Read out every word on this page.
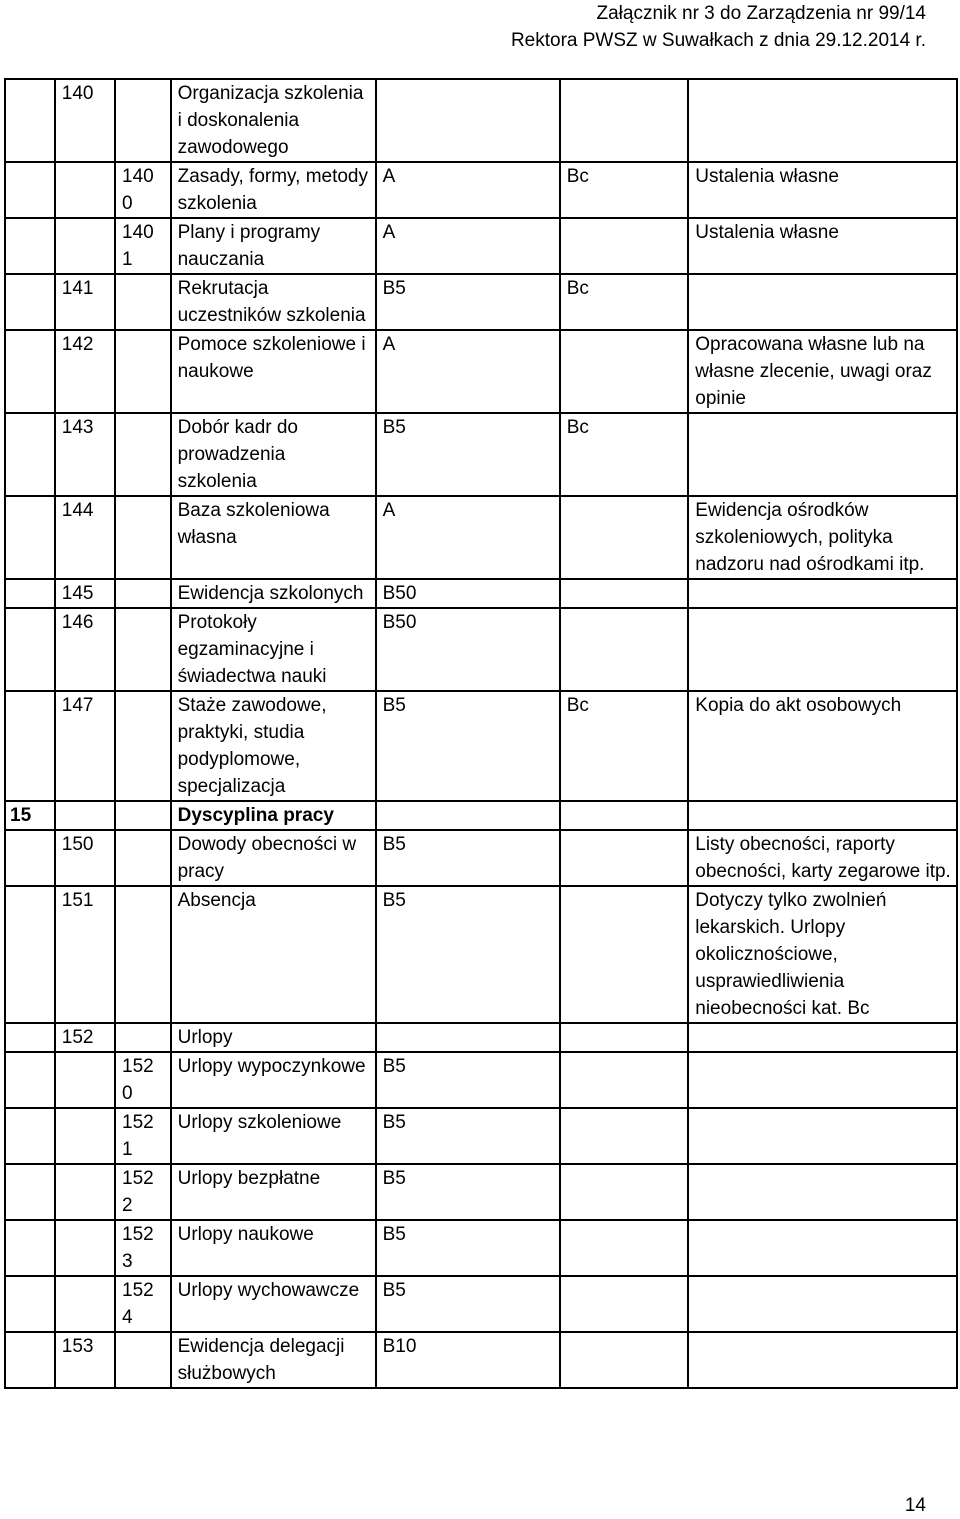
Załącznik nr 3 do Zarządzenia nr 99/14
Rektora PWSZ w Suwałkach z dnia 29.12.2014 r.
	140		Organizacja szkolenia i doskonalenia zawodowego			
		1400	Zasady, formy, metody szkolenia	A	Bc	Ustalenia własne
		1401	Plany i programy nauczania	A		Ustalenia własne
	141		Rekrutacja uczestników szkolenia	B5	Bc	
	142		Pomoce szkoleniowe i naukowe	A		Opracowana własne lub na własne zlecenie, uwagi oraz opinie
	143		Dobór kadr do prowadzenia szkolenia	B5	Bc	
	144		Baza szkoleniowa własna	A		Ewidencja ośrodków szkoleniowych, polityka nadzoru nad ośrodkami itp.
	145		Ewidencja szkolonych	B50		
	146		Protokoły egzaminacyjne i świadectwa nauki	B50		
	147		Staże zawodowe, praktyki, studia podyplomowe, specjalizacja	B5	Bc	Kopia do akt osobowych
15			Dyscyplina pracy			
	150		Dowody obecności w pracy	B5		Listy obecności, raporty obecności, karty zegarowe itp.
	151		Absencja	B5		Dotyczy tylko zwolnień lekarskich. Urlopy okolicznościowe, usprawiedliwienia nieobecności kat. Bc
	152		Urlopy			
		1520	Urlopy wypoczynkowe	B5		
		1521	Urlopy szkoleniowe	B5		
		1522	Urlopy bezpłatne	B5		
		1523	Urlopy naukowe	B5		
		1524	Urlopy wychowawcze	B5		
	153		Ewidencja delegacji służbowych	B10		
14
